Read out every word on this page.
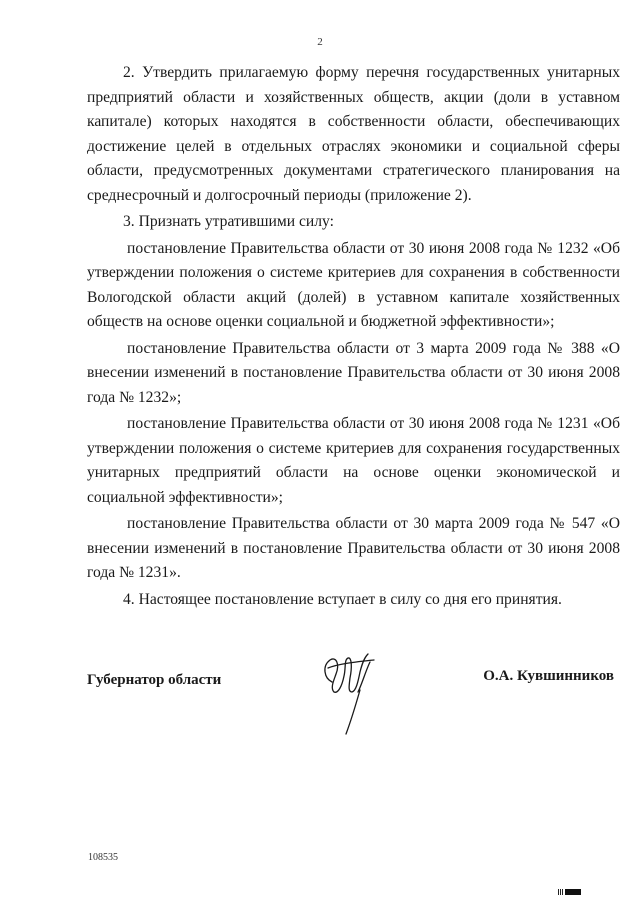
2

2. Утвердить прилагаемую форму перечня государственных унитарных предприятий области и хозяйственных обществ, акции (доли в уставном капитале) которых находятся в собственности области, обеспечивающих достижение целей в отдельных отраслях экономики и социальной сферы области, предусмотренных документами стратегического планирования на среднесрочный и долгосрочный периоды (приложение 2).

3. Признать утратившими силу:

постановление Правительства области от 30 июня 2008 года № 1232 «Об утверждении положения о системе критериев для сохранения в собственности Вологодской области акций (долей) в уставном капитале хозяйственных обществ на основе оценки социальной и бюджетной эффективности»;

постановление Правительства области от 3 марта 2009 года № 388 «О внесении изменений в постановление Правительства области от 30 июня 2008 года № 1232»;

постановление Правительства области от 30 июня 2008 года № 1231 «Об утверждении положения о системе критериев для сохранения государственных унитарных предприятий области на основе оценки экономической и социальной эффективности»;

постановление Правительства области от 30 марта 2009 года № 547 «О внесении изменений в постановление Правительства области от 30 июня 2008 года № 1231».

4. Настоящее постановление вступает в силу со дня его принятия.

Губернатор области	О.А. Кувшинников
108535
